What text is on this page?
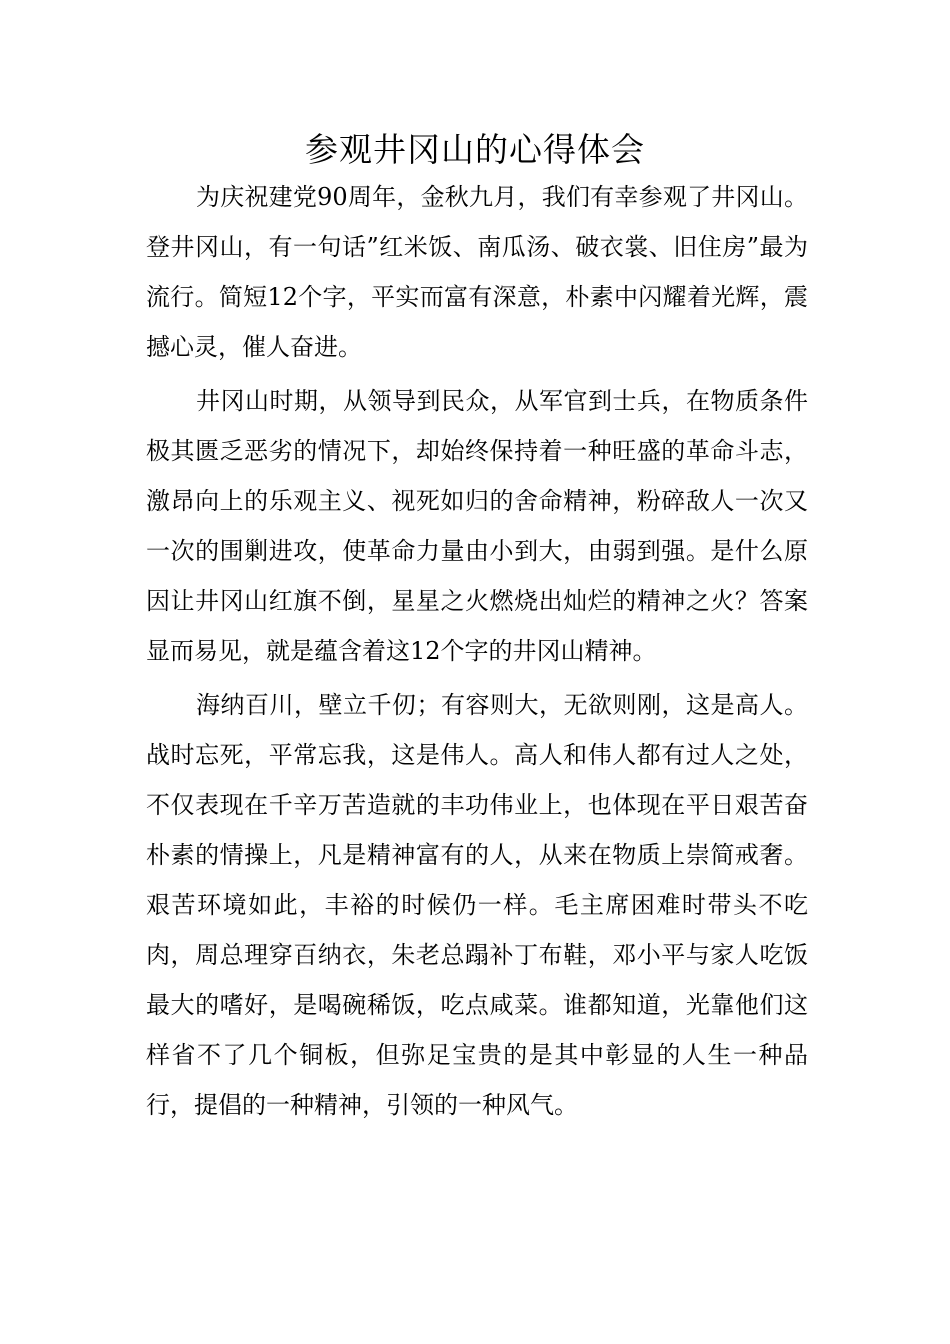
参观井冈山的心得体会

为庆祝建党90周年，金秋九月，我们有幸参观了井冈山。登井冈山，有一句话”红米饭、南瓜汤、破衣裳、旧住房”最为流行。简短12个字，平实而富有深意，朴素中闪耀着光辉，震撼心灵，催人奋进。

井冈山时期，从领导到民众，从军官到士兵，在物质条件极其匮乏恶劣的情况下，却始终保持着一种旺盛的革命斗志，激昂向上的乐观主义、视死如归的舍命精神，粉碎敌人一次又一次的围剿进攻，使革命力量由小到大，由弱到强。是什么原因让井冈山红旗不倒，星星之火燃烧出灿烂的精神之火？答案显而易见，就是蕴含着这12个字的井冈山精神。

海纳百川，壁立千仞；有容则大，无欲则刚，这是高人。战时忘死，平常忘我，这是伟人。高人和伟人都有过人之处，不仅表现在千辛万苦造就的丰功伟业上，也体现在平日艰苦奋朴素的情操上，凡是精神富有的人，从来在物质上崇简戒奢。艰苦环境如此，丰裕的时候仍一样。毛主席困难时带头不吃肉，周总理穿百纳衣，朱老总蹋补丁布鞋，邓小平与家人吃饭最大的嗜好，是喝碗稀饭，吃点咸菜。谁都知道，光靠他们这样省不了几个铜板，但弥足宝贵的是其中彰显的人生一种品行，提倡的一种精神，引领的一种风气。
